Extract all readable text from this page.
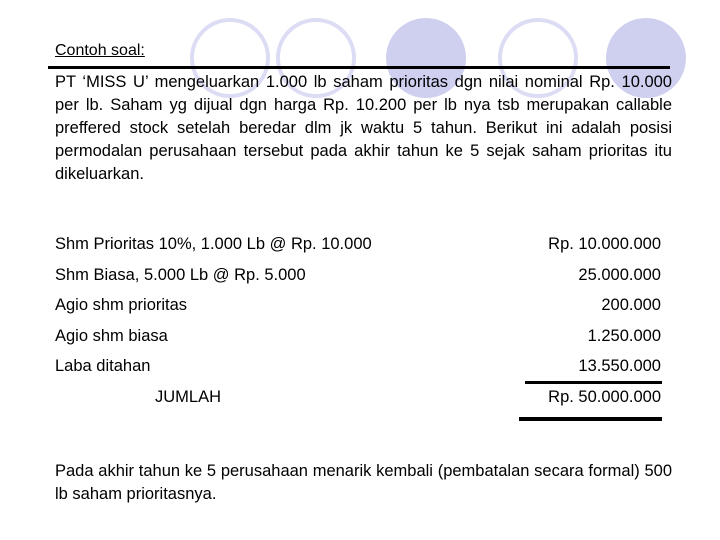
Contoh soal:

PT ‘MISS U’ mengeluarkan 1.000 lb saham prioritas dgn nilai nominal Rp. 10.000 per lb. Saham yg dijual dgn harga Rp. 10.200 per lb nya tsb merupakan callable preffered stock setelah beredar dlm jk waktu 5 tahun. Berikut ini adalah posisi permodalan perusahaan tersebut pada akhir tahun ke 5 sejak saham prioritas itu dikeluarkan.

Shm Prioritas 10%, 1.000 Lb @ Rp. 10.000	Rp. 10.000.000
Shm Biasa, 5.000 Lb @ Rp. 5.000	25.000.000
Agio shm prioritas	200.000
Agio shm biasa	1.250.000
Laba ditahan	13.550.000
JUMLAH	Rp. 50.000.000

Pada akhir tahun ke 5 perusahaan menarik kembali (pembatalan secara formal) 500 lb saham prioritasnya.
